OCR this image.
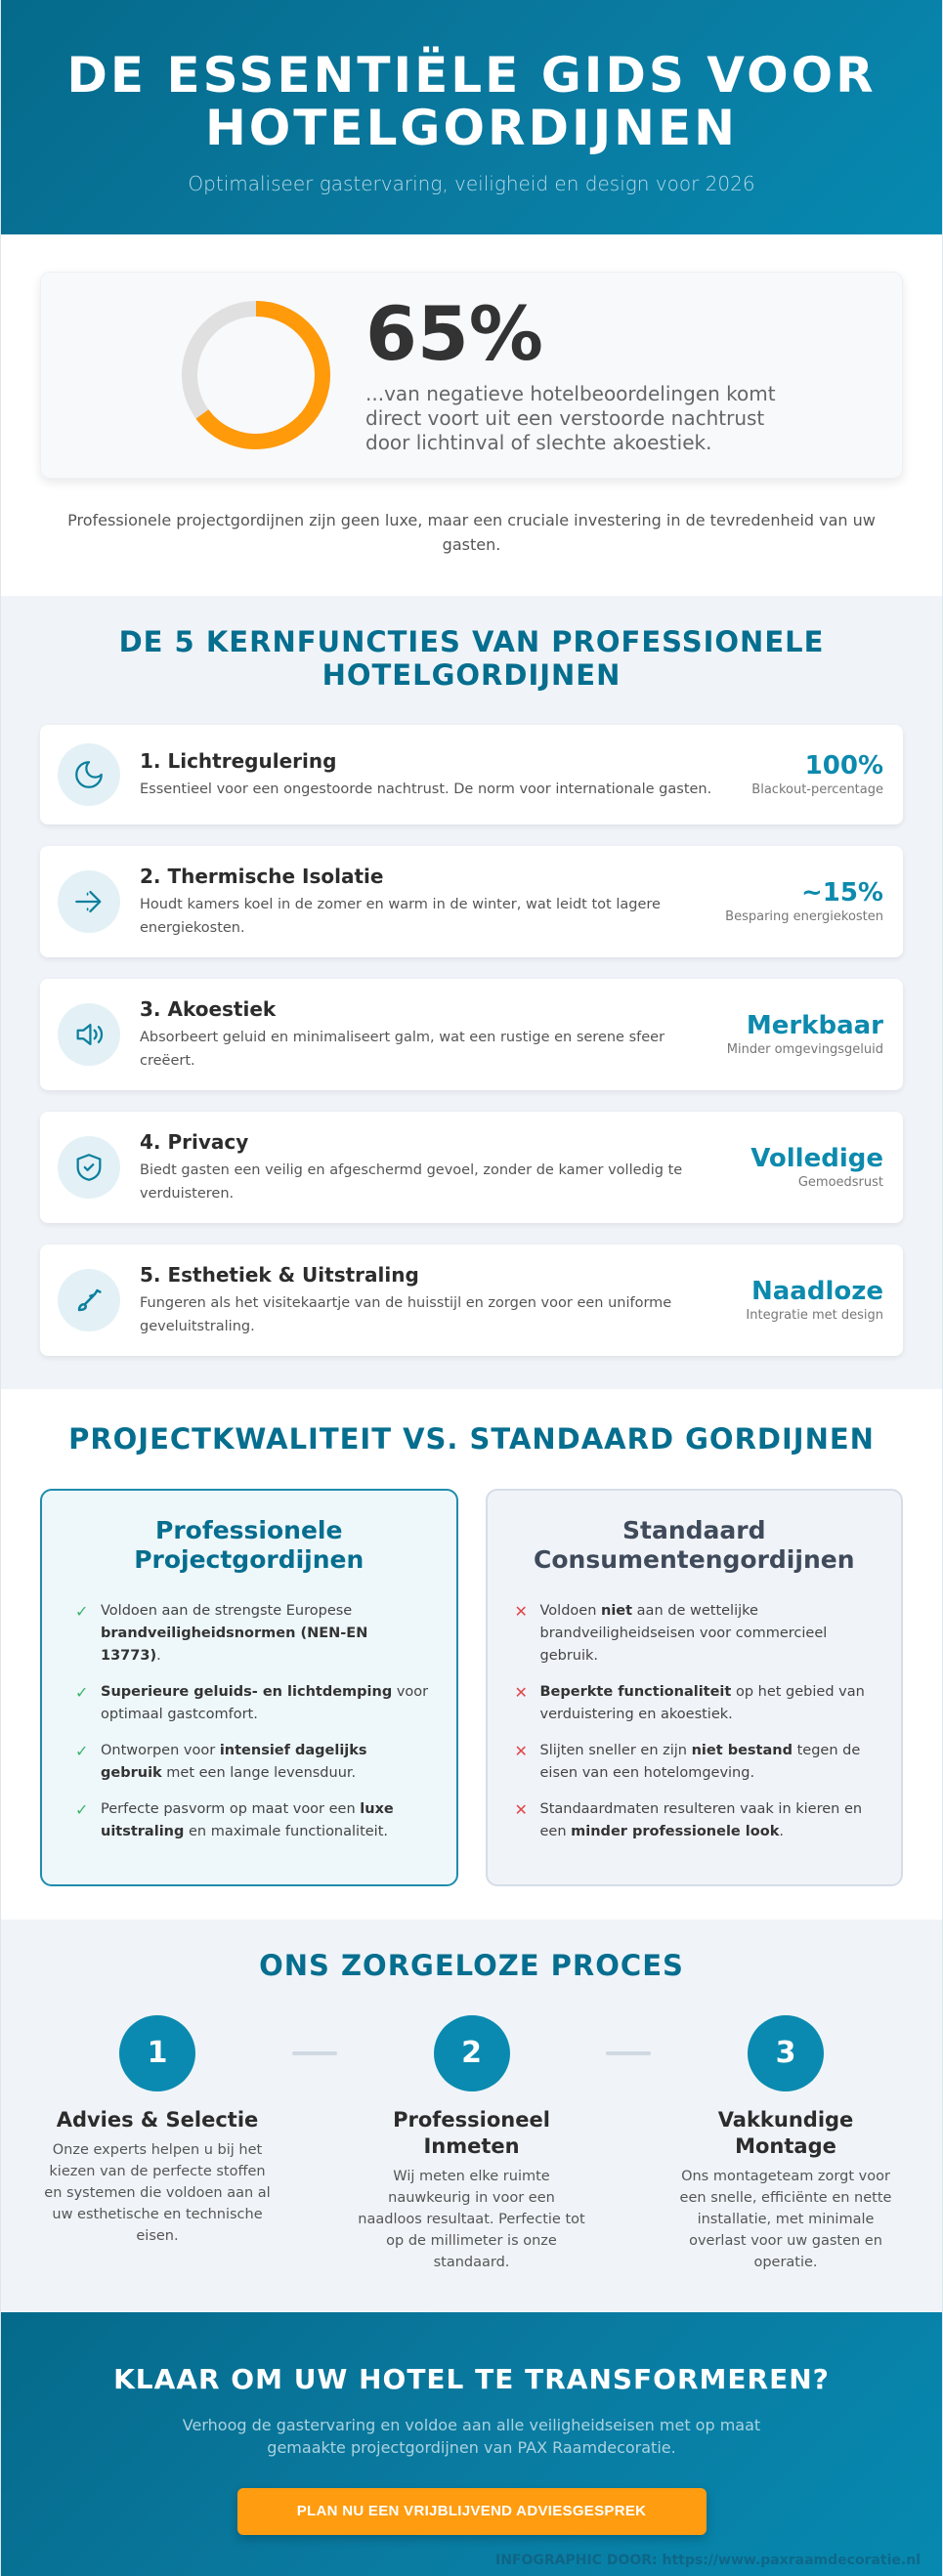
DE ESSENTIËLE GIDS VOOR HOTELGORDIJNEN

Optimaliseer gastervaring, veiligheid en design voor 2026

65%
...van negatieve hotelbeoordelingen komt direct voort uit een verstoorde nachtrust door lichtinval of slechte akoestiek.

Professionele projectgordijnen zijn geen luxe, maar een cruciale investering in de tevredenheid van uw gasten.

DE 5 KERNFUNCTIES VAN PROFESSIONELE HOTELGORDIJNEN
1. Lichtregulering
Essentieel voor een ongestoorde nachtrust. De norm voor internationale gasten.
100%
Blackout-percentage
2. Thermische Isolatie
Houdt kamers koel in de zomer en warm in de winter, wat leidt tot lagere energiekosten.
~15%
Besparing energiekosten
3. Akoestiek
Absorbeert geluid en minimaliseert galm, wat een rustige en serene sfeer creëert.
Merkbaar
Minder omgevingsgeluid
4. Privacy
Biedt gasten een veilig en afgeschermd gevoel, zonder de kamer volledig te verduisteren.
Volledige
Gemoedsrust
5. Esthetiek & Uitstraling
Fungeren als het visitekaartje van de huisstijl en zorgen voor een uniforme geveluitstraling.
Naadloze
Integratie met design
PROJECTKWALITEIT VS. STANDAARD GORDIJNEN
Professionele Projectgordijnen
✓ Voldoen aan de strengste Europese brandveiligheidsnormen (NEN-EN 13773).
✓ Superieure geluids- en lichtdemping voor optimaal gastcomfort.
✓ Ontworpen voor intensief dagelijks gebruik met een lange levensduur.
✓ Perfecte pasvorm op maat voor een luxe uitstraling en maximale functionaliteit.
Standaard Consumentengordijnen
✕ Voldoen niet aan de wettelijke brandveiligheidseisen voor commercieel gebruik.
✕ Beperkte functionaliteit op het gebied van verduistering en akoestiek.
✕ Slijten sneller en zijn niet bestand tegen de eisen van een hotelomgeving.
✕ Standaardmaten resulteren vaak in kieren en een minder professionele look.
ONS ZORGELOZE PROCES
1
Advies & Selectie
Onze experts helpen u bij het kiezen van de perfecte stoffen en systemen die voldoen aan al uw esthetische en technische eisen.
2
Professioneel Inmeten
Wij meten elke ruimte nauwkeurig in voor een naadloos resultaat. Perfectie tot op de millimeter is onze standaard.
3
Vakkundige Montage
Ons montageteam zorgt voor een snelle, efficiënte en nette installatie, met minimale overlast voor uw gasten en operatie.
KLAAR OM UW HOTEL TE TRANSFORMEREN?

Verhoog de gastervaring en voldoe aan alle veiligheidseisen met op maat gemaakte projectgordijnen van PAX Raamdecoratie.

PLAN NU EEN VRIJBLIJVEND ADVIESGESPREK
INFOGRAPHIC DOOR: https://www.paxraamdecoratie.nl
